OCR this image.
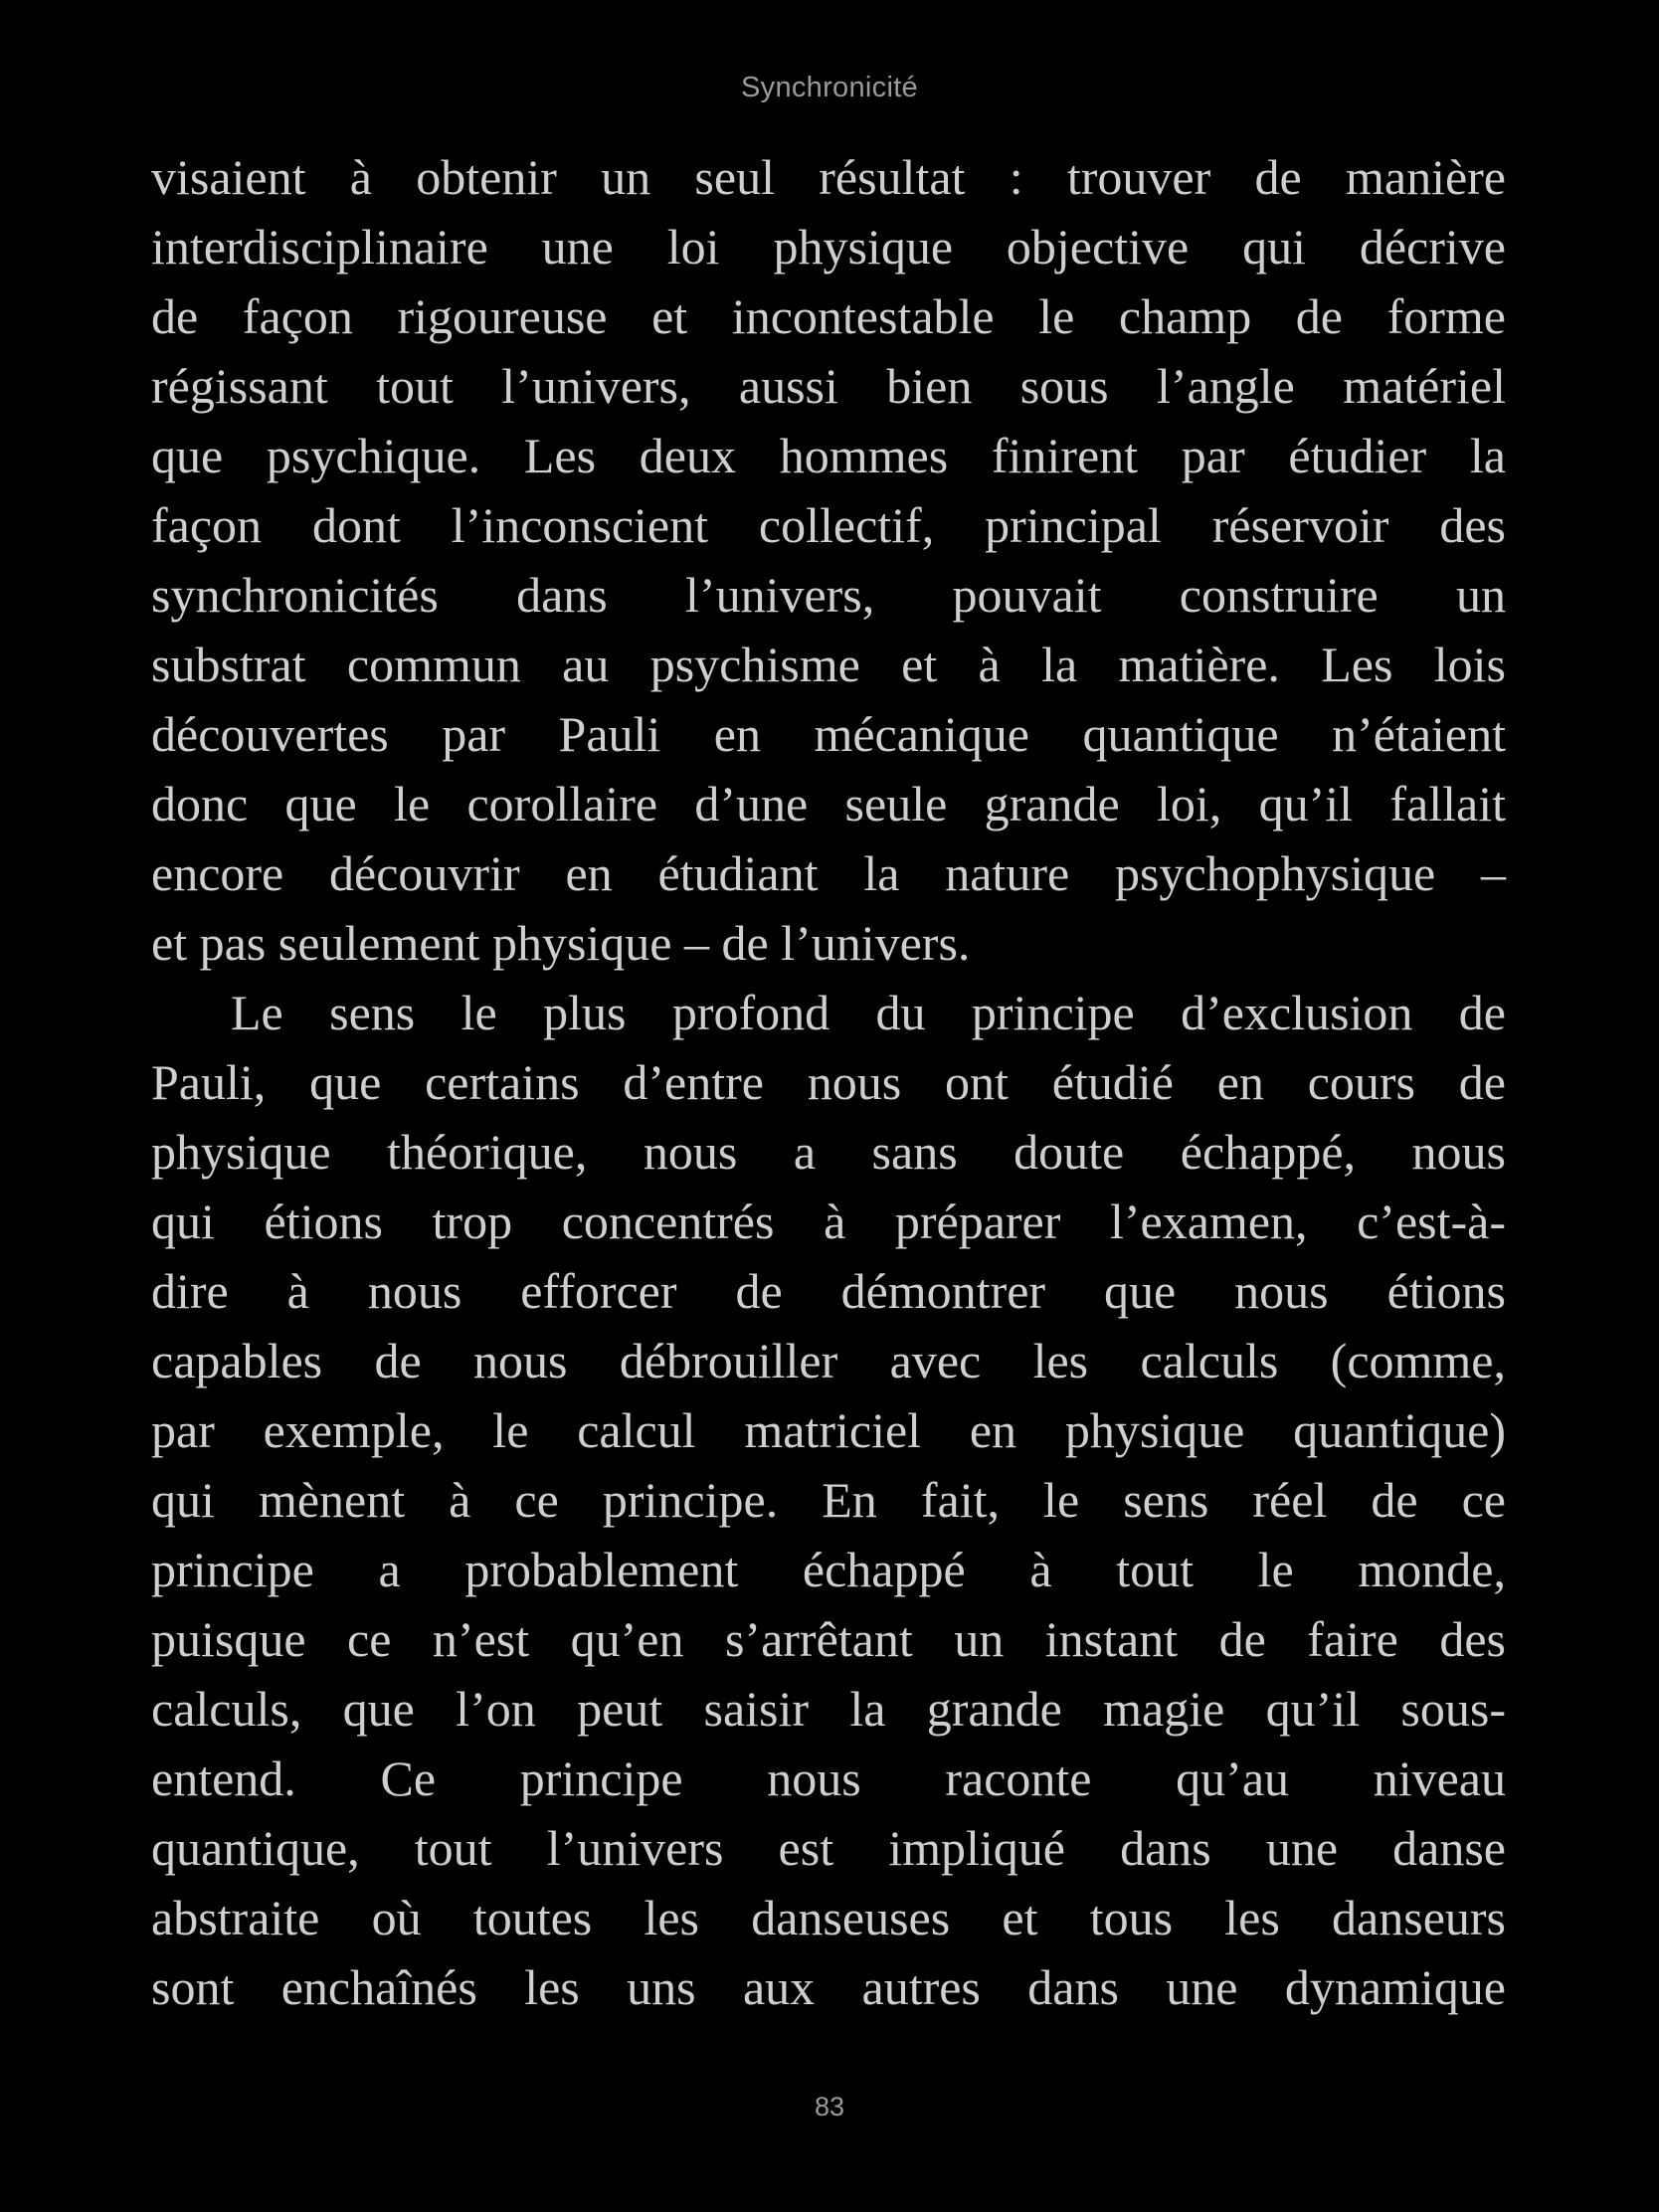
Synchronicité
visaient à obtenir un seul résultat : trouver de manière
interdisciplinaire une loi physique objective qui décrive
de façon rigoureuse et incontestable le champ de forme
régissant tout l’univers, aussi bien sous l’angle matériel
que psychique. Les deux hommes finirent par étudier la
façon dont l’inconscient collectif, principal réservoir des
synchronicités dans l’univers, pouvait construire un
substrat commun au psychisme et à la matière. Les lois
découvertes par Pauli en mécanique quantique n’étaient
donc que le corollaire d’une seule grande loi, qu’il fallait
encore découvrir en étudiant la nature psychophysique –
et pas seulement physique – de l’univers.
Le sens le plus profond du principe d’exclusion de
Pauli, que certains d’entre nous ont étudié en cours de
physique théorique, nous a sans doute échappé, nous
qui étions trop concentrés à préparer l’examen, c’est-à-
dire à nous efforcer de démontrer que nous étions
capables de nous débrouiller avec les calculs (comme,
par exemple, le calcul matriciel en physique quantique)
qui mènent à ce principe. En fait, le sens réel de ce
principe a probablement échappé à tout le monde,
puisque ce n’est qu’en s’arrêtant un instant de faire des
calculs, que l’on peut saisir la grande magie qu’il sous-
entend. Ce principe nous raconte qu’au niveau
quantique, tout l’univers est impliqué dans une danse
abstraite où toutes les danseuses et tous les danseurs
sont enchaînés les uns aux autres dans une dynamique
83
